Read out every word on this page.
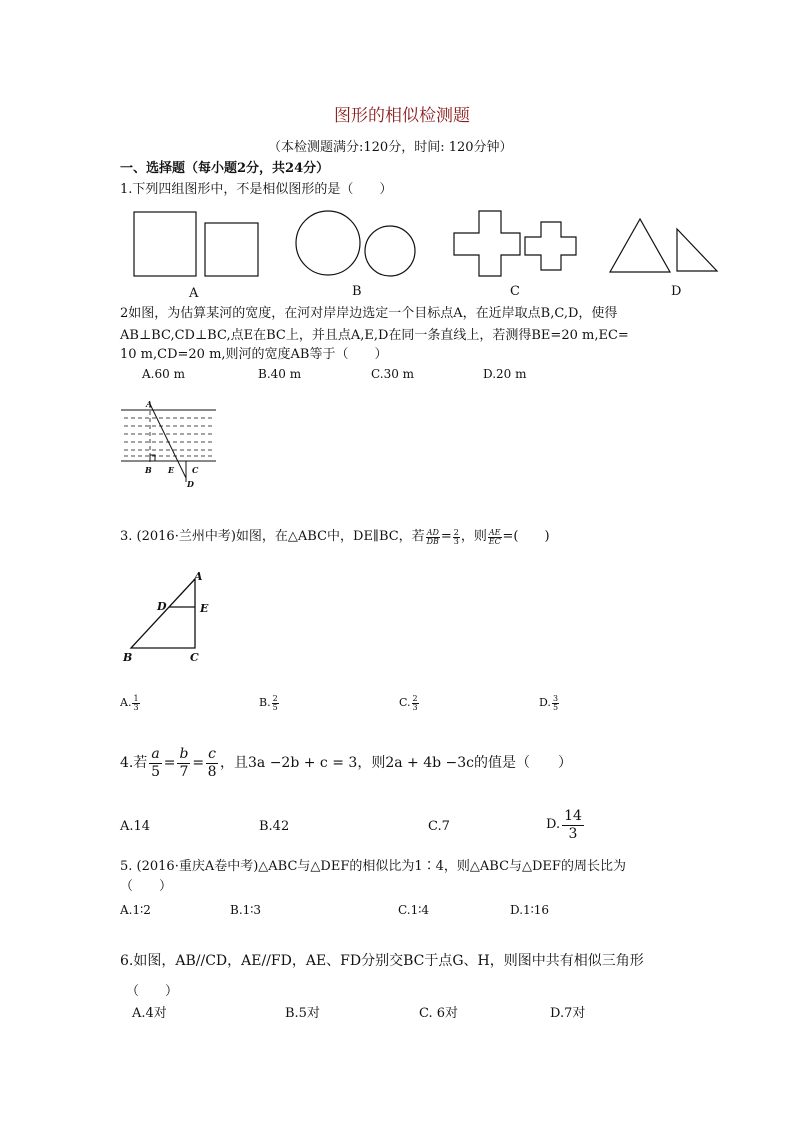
图形的相似检测题
（本检测题满分:120分，时间: 120分钟）
一、选择题（每小题2分，共24分）
1.下列四组图形中，不是相似图形的是（　　）
A	B	C	D
2如图，为估算某河的宽度，在河对岸岸边选定一个目标点A，在近岸取点B,C,D，使得
AB⊥BC,CD⊥BC,点E在BC上，并且点A,E,D在同一条直线上，若测得BE=20 m,EC=
10 m,CD=20 m,则河的宽度AB等于（　　）
A.60 m	B.40 m	C.30 m	D.20 m
A
B E C
D
3. (2016·兰州中考)如图，在△ABC中，DE∥BC，若 $\frac{AD}{DB} = \frac{2}{3}$ ，则 $\frac{AE}{EC}$ =(　　)
A
D	E
B	C
A. $\frac{1}{3}$	B. $\frac{2}{5}$	C. $\frac{2}{3}$	D. $\frac{3}{5}$
4.若 $\frac{a}{5} = \frac{b}{7} = \frac{c}{8}$ ，且3a −2b + c = 3，则2a + 4b −3c的值是（　　）
A.14	B.42	C.7	D. $\frac{14}{3}$
5. (2016·重庆A卷中考)△ABC与△DEF的相似比为1∶4，则△ABC与△DEF的周长比为
（　　）
A.1∶2	B.1∶3	C.1∶4	D.1∶16
6.如图，AB//CD，AE//FD，AE、FD分别交BC于点G、H，则图中共有相似三角形
（　　）
A.4对	B.5对	C. 6对	D.7对
